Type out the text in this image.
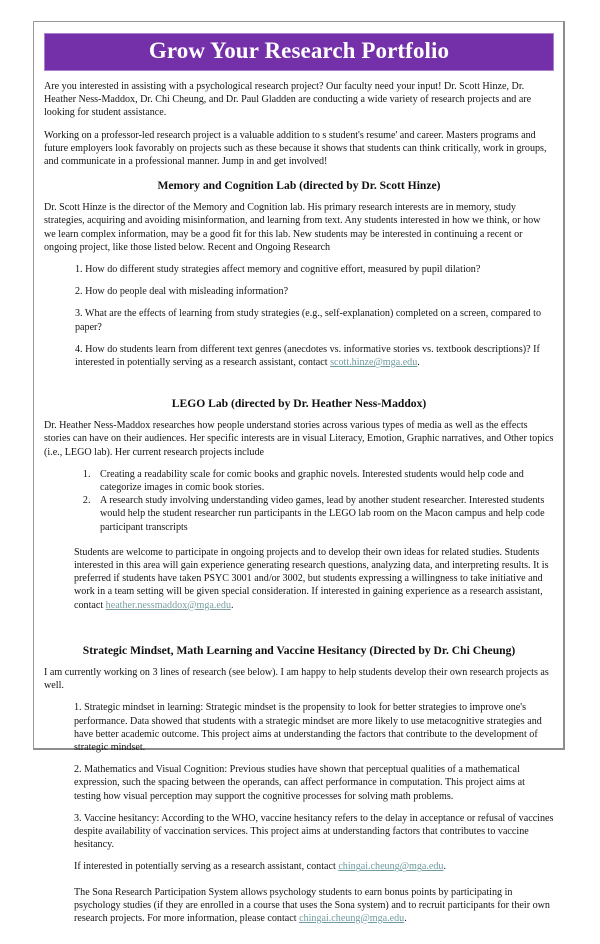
Grow Your Research Portfolio

Are you interested in assisting with a psychological research project? Our faculty need your input! Dr. Scott Hinze, Dr. Heather Ness-Maddox, Dr. Chi Cheung, and Dr. Paul Gladden are conducting a wide variety of research projects and are looking for student assistance.

Working on a professor-led research project is a valuable addition to s student's resume' and career. Masters programs and future employers look favorably on projects such as these because it shows that students can think critically, work in groups, and communicate in a professional manner. Jump in and get involved!

Memory and Cognition Lab (directed by Dr. Scott Hinze)

Dr. Scott Hinze is the director of the Memory and Cognition lab. His primary research interests are in memory, study strategies, acquiring and avoiding misinformation, and learning from text. Any students interested in how we think, or how we learn complex information, may be a good fit for this lab. New students may be interested in continuing a recent or ongoing project, like those listed below. Recent and Ongoing Research

1. How do different study strategies affect memory and cognitive effort, measured by pupil dilation?
2. How do people deal with misleading information?
3. What are the effects of learning from study strategies (e.g., self-explanation) completed on a screen, compared to paper?
4. How do students learn from different text genres (anecdotes vs. informative stories vs. textbook descriptions)? If interested in potentially serving as a research assistant, contact scott.hinze@mga.edu.
LEGO Lab (directed by Dr. Heather Ness-Maddox)

Dr. Heather Ness-Maddox researches how people understand stories across various types of media as well as the effects stories can have on their audiences. Her specific interests are in visual Literacy, Emotion, Graphic narratives, and Other topics (i.e., LEGO lab). Her current research projects include

1. Creating a readability scale for comic books and graphic novels. Interested students would help code and categorize images in comic book stories.
2. A research study involving understanding video games, lead by another student researcher. Interested students would help the student researcher run participants in the LEGO lab room on the Macon campus and help code participant transcripts
Students are welcome to participate in ongoing projects and to develop their own ideas for related studies. Students interested in this area will gain experience generating research questions, analyzing data, and interpreting results. It is preferred if students have taken PSYC 3001 and/or 3002, but students expressing a willingness to take initiative and work in a team setting will be given special consideration. If interested in gaining experience as a research assistant, contact heather.nessmaddox@mga.edu.
Strategic Mindset, Math Learning and Vaccine Hesitancy (Directed by Dr. Chi Cheung)

I am currently working on 3 lines of research (see below). I am happy to help students develop their own research projects as well.

1. Strategic mindset in learning: Strategic mindset is the propensity to look for better strategies to improve one's performance. Data showed that students with a strategic mindset are more likely to use metacognitive strategies and have better academic outcome. This project aims at understanding the factors that contribute to the development of strategic mindset.
2. Mathematics and Visual Cognition: Previous studies have shown that perceptual qualities of a mathematical expression, such the spacing between the operands, can affect performance in computation. This project aims at testing how visual perception may support the cognitive processes for solving math problems.
3. Vaccine hesitancy: According to the WHO, vaccine hesitancy refers to the delay in acceptance or refusal of vaccines despite availability of vaccination services. This project aims at understanding factors that contributes to vaccine hesitancy.
If interested in potentially serving as a research assistant, contact chingai.cheung@mga.edu.
The Sona Research Participation System allows psychology students to earn bonus points by participating in psychology studies (if they are enrolled in a course that uses the Sona system) and to recruit participants for their own research projects. For more information, please contact chingai.cheung@mga.edu.
